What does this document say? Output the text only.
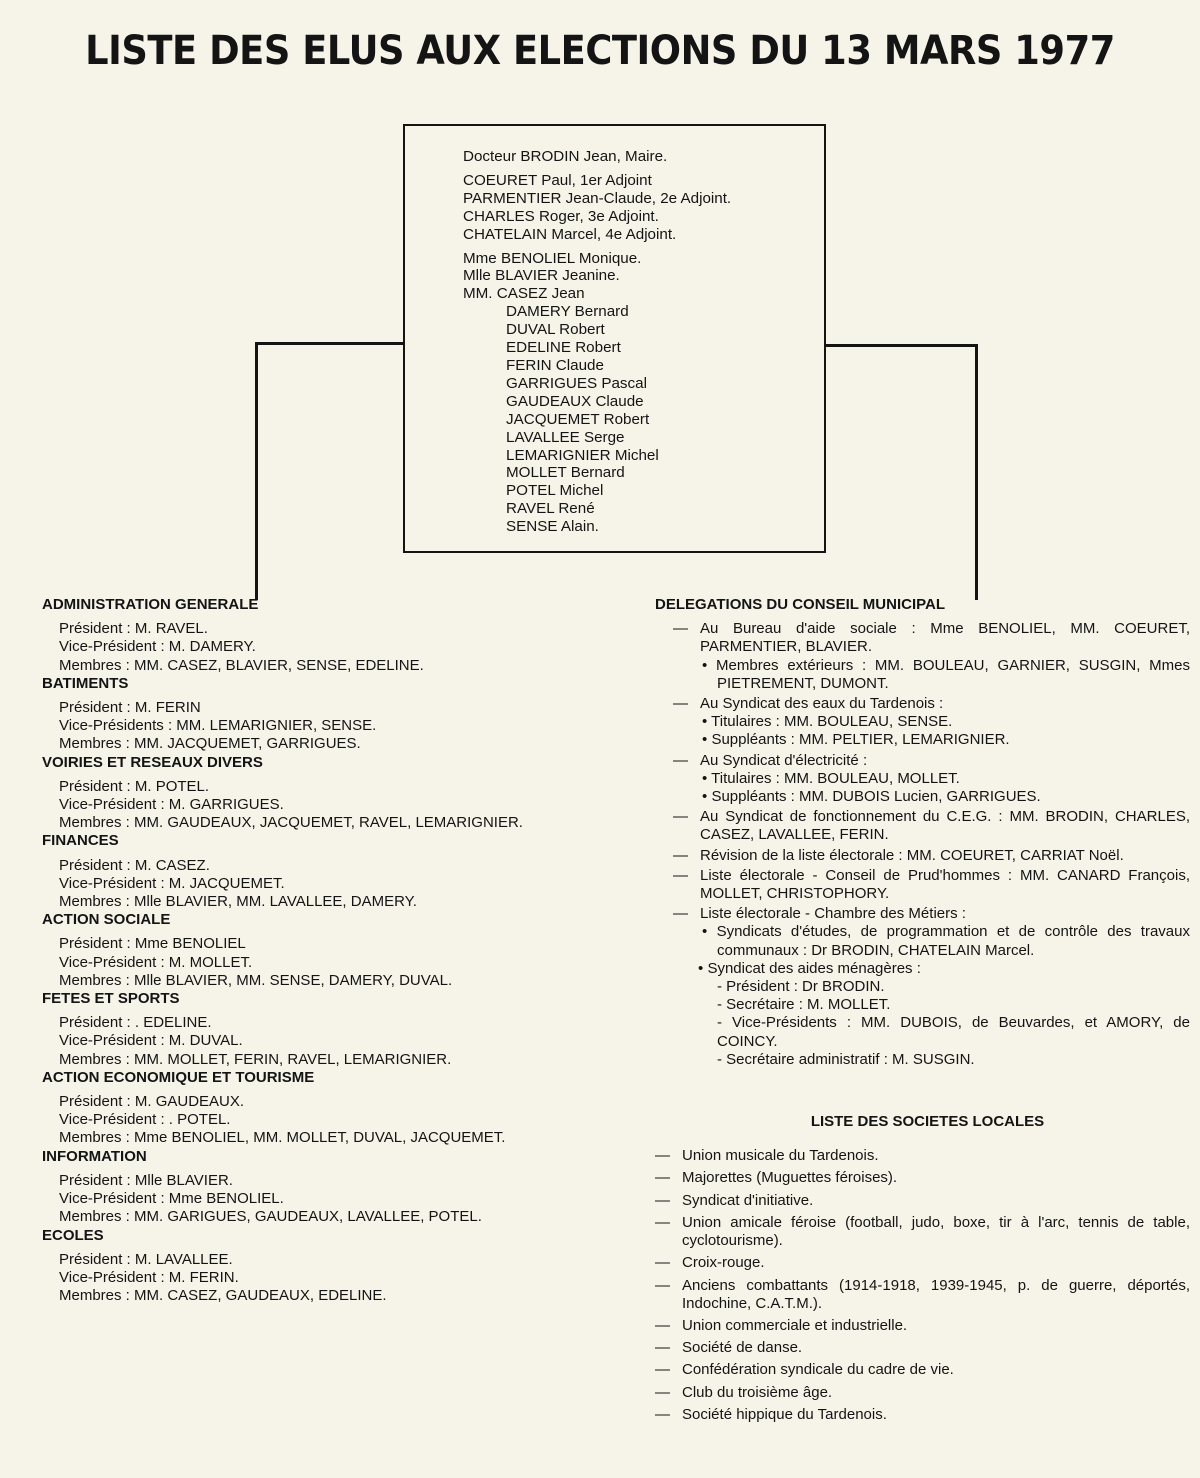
LISTE DES ELUS AUX ELECTIONS DU 13 MARS 1977
Docteur BRODIN Jean, Maire.
COEURET Paul, 1er Adjoint
PARMENTIER Jean-Claude, 2e Adjoint.
CHARLES Roger, 3e Adjoint.
CHATELAIN Marcel, 4e Adjoint.
Mme BENOLIEL Monique.
Mlle BLAVIER Jeanine.
MM. CASEZ Jean
DAMERY Bernard
DUVAL Robert
EDELINE Robert
FERIN Claude
GARRIGUES Pascal
GAUDEAUX Claude
JACQUEMET Robert
LAVALLEE Serge
LEMARIGNIER Michel
MOLLET Bernard
POTEL Michel
RAVEL René
SENSE Alain.
ADMINISTRATION GENERALE
Président : M. RAVEL.
Vice-Président : M. DAMERY.
Membres : MM. CASEZ, BLAVIER, SENSE, EDELINE.
BATIMENTS
Président : M. FERIN
Vice-Présidents : MM. LEMARIGNIER, SENSE.
Membres : MM. JACQUEMET, GARRIGUES.
VOIRIES ET RESEAUX DIVERS
Président : M. POTEL.
Vice-Président : M. GARRIGUES.
Membres : MM. GAUDEAUX, JACQUEMET, RAVEL, LEMARIGNIER.
FINANCES
Président : M. CASEZ.
Vice-Président : M. JACQUEMET.
Membres : Mlle BLAVIER, MM. LAVALLEE, DAMERY.
ACTION SOCIALE
Président : Mme BENOLIEL
Vice-Président : M. MOLLET.
Membres : Mlle BLAVIER, MM. SENSE, DAMERY, DUVAL.
FETES ET SPORTS
Président : . EDELINE.
Vice-Président : M. DUVAL.
Membres : MM. MOLLET, FERIN, RAVEL, LEMARIGNIER.
ACTION ECONOMIQUE ET TOURISME
Président : M. GAUDEAUX.
Vice-Président : . POTEL.
Membres : Mme BENOLIEL, MM. MOLLET, DUVAL, JACQUEMET.
INFORMATION
Président : Mlle BLAVIER.
Vice-Président : Mme BENOLIEL.
Membres : MM. GARIGUES, GAUDEAUX, LAVALLEE, POTEL.
ECOLES
Président : M. LAVALLEE.
Vice-Président : M. FERIN.
Membres : MM. CASEZ, GAUDEAUX, EDELINE.
DELEGATIONS DU CONSEIL MUNICIPAL
— Au Bureau d'aide sociale : Mme BENOLIEL, MM. COEURET, PARMENTIER, BLAVIER.
• Membres extérieurs : MM. BOULEAU, GARNIER, SUSGIN, Mmes PIETREMENT, DUMONT.
— Au Syndicat des eaux du Tardenois :
• Titulaires : MM. BOULEAU, SENSE.
• Suppléants : MM. PELTIER, LEMARIGNIER.
— Au Syndicat d'électricité :
• Titulaires : MM. BOULEAU, MOLLET.
• Suppléants : MM. DUBOIS Lucien, GARRIGUES.
— Au Syndicat de fonctionnement du C.E.G. : MM. BRODIN, CHARLES, CASEZ, LAVALLEE, FERIN.
— Révision de la liste électorale : MM. COEURET, CARRIAT Noël.
— Liste électorale - Conseil de Prud'hommes : MM. CANARD François, MOLLET, CHRISTOPHORY.
— Liste électorale - Chambre des Métiers :
• Syndicats d'études, de programmation et de contrôle des travaux communaux : Dr BRODIN, CHATELAIN Marcel.
• Syndicat des aides ménagères :
- Président : Dr BRODIN.
- Secrétaire : M. MOLLET.
- Vice-Présidents : MM. DUBOIS, de Beuvardes, et AMORY, de COINCY.
- Secrétaire administratif : M. SUSGIN.
LISTE DES SOCIETES LOCALES
— Union musicale du Tardenois.
— Majorettes (Muguettes féroises).
— Syndicat d'initiative.
— Union amicale féroise (football, judo, boxe, tir à l'arc, tennis de table, cyclotourisme).
— Croix-rouge.
— Anciens combattants (1914-1918, 1939-1945, p. de guerre, déportés, Indochine, C.A.T.M.).
— Union commerciale et industrielle.
— Société de danse.
— Confédération syndicale du cadre de vie.
— Club du troisième âge.
— Société hippique du Tardenois.
